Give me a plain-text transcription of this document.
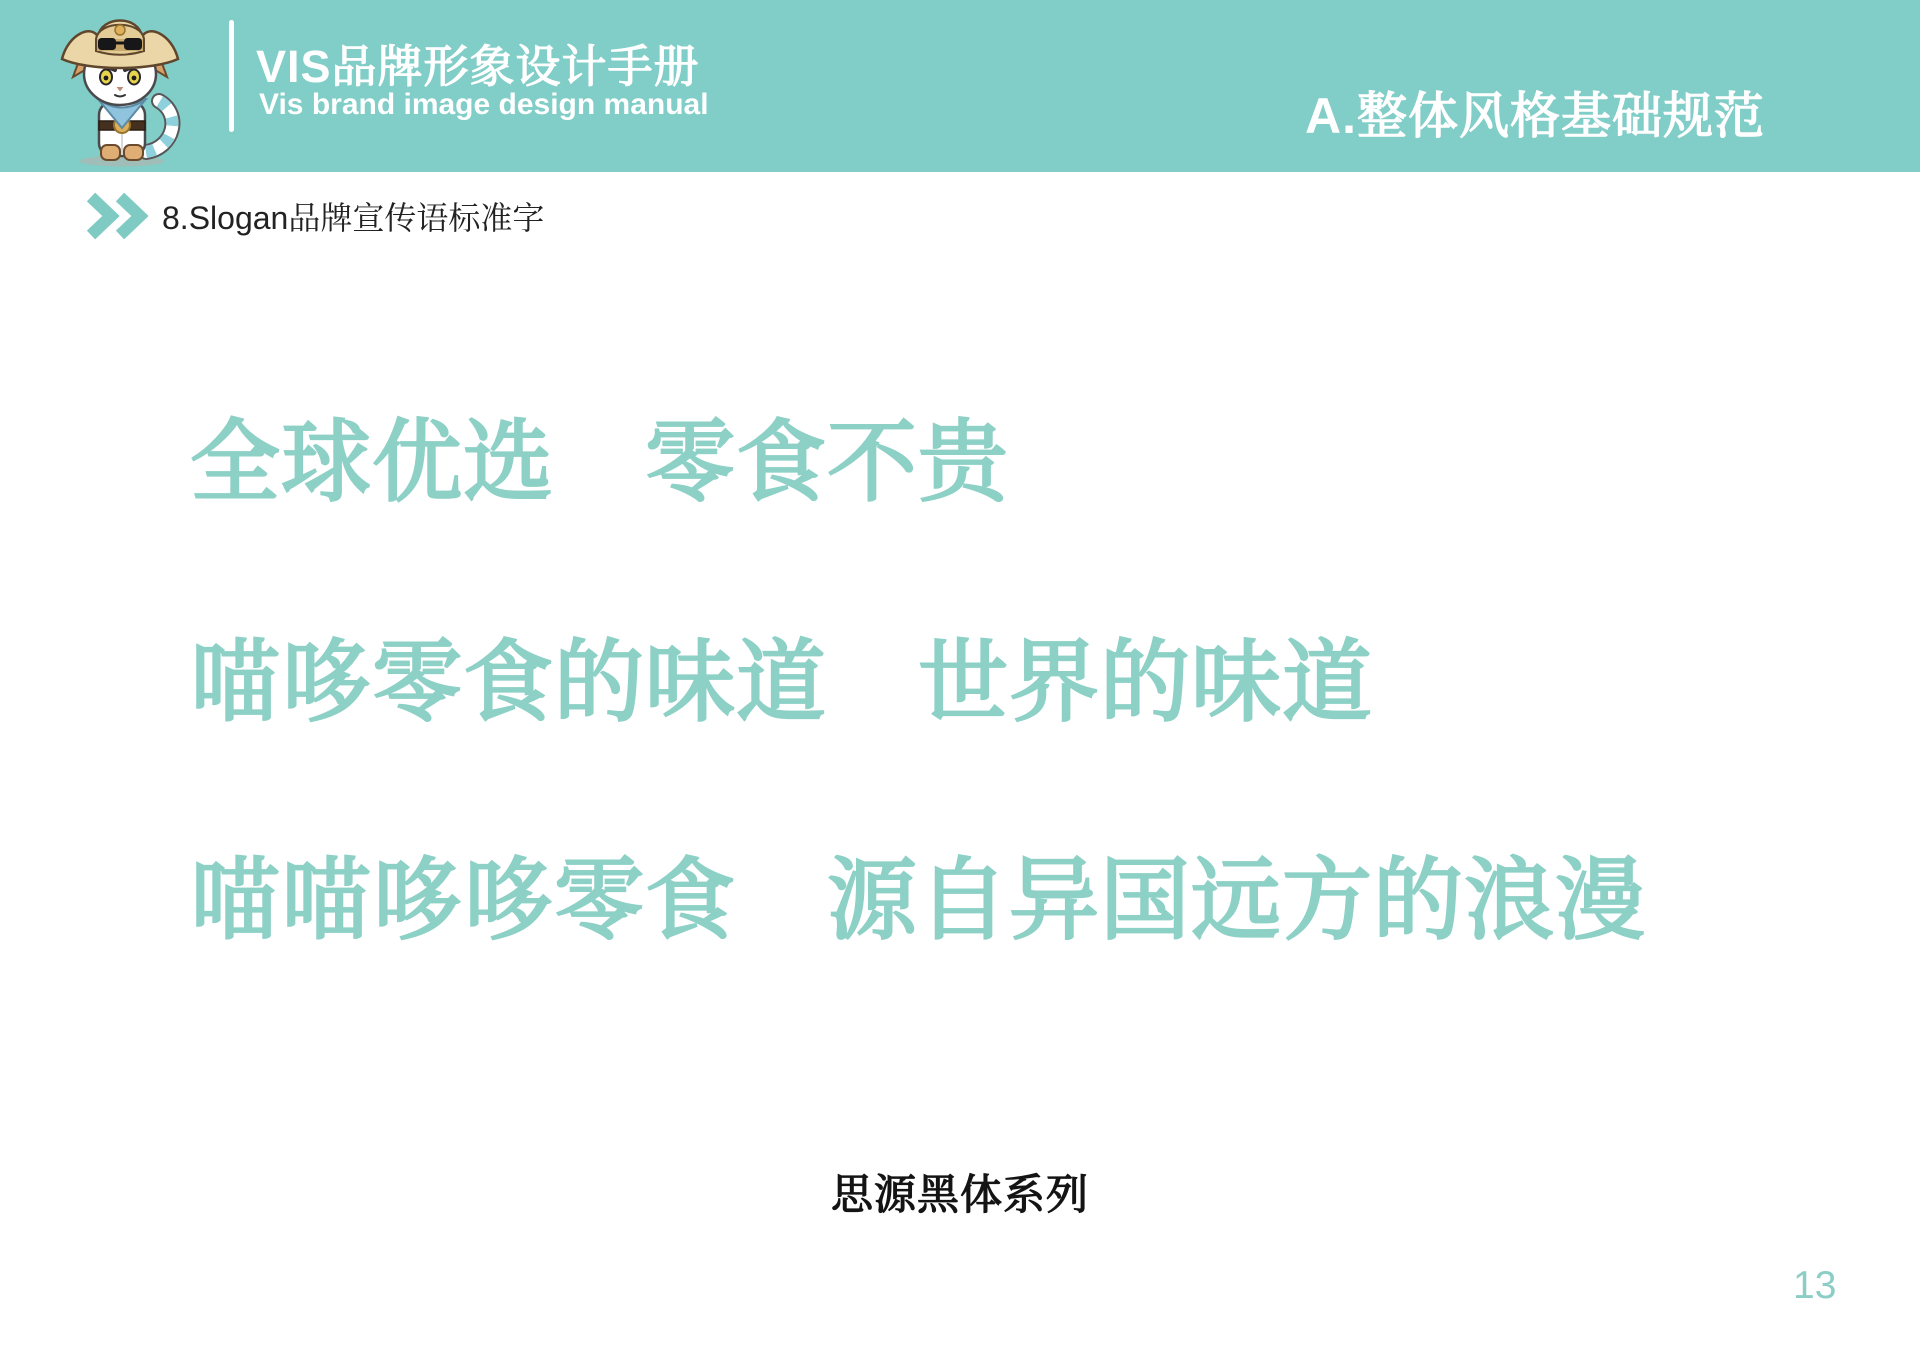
VIS品牌形象设计手册
Vis brand image design manual	A.整体风格基础规范
8.Slogan品牌宣传语标准字
全球优选　零食不贵
喵哆零食的味道　世界的味道
喵喵哆哆零食　源自异国远方的浪漫
思源黑体系列
13
